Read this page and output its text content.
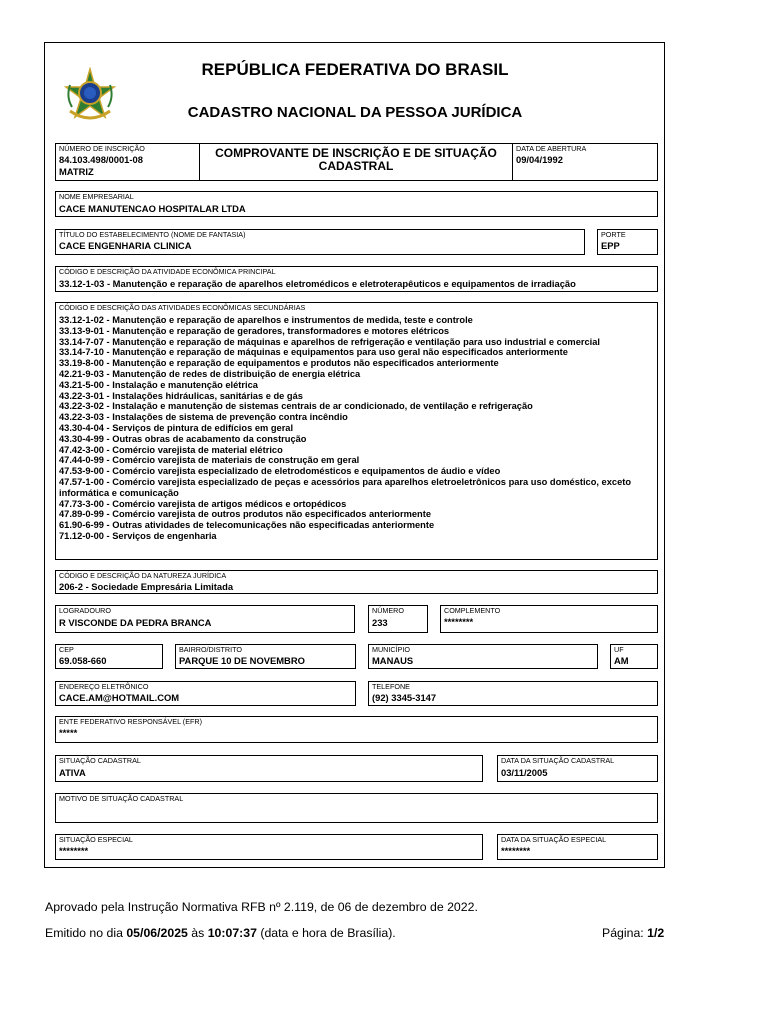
REPÚBLICA FEDERATIVA DO BRASIL
CADASTRO NACIONAL DA PESSOA JURÍDICA
NÚMERO DE INSCRIÇÃO
84.103.498/0001-08
MATRIZ
COMPROVANTE DE INSCRIÇÃO E DE SITUAÇÃO
CADASTRAL
DATA DE ABERTURA
09/04/1992
NOME EMPRESARIAL
CACE MANUTENCAO HOSPITALAR LTDA
TÍTULO DO ESTABELECIMENTO (NOME DE FANTASIA)
CACE ENGENHARIA CLINICA
PORTE
EPP
CÓDIGO E DESCRIÇÃO DA ATIVIDADE ECONÔMICA PRINCIPAL
33.12-1-03 - Manutenção e reparação de aparelhos eletromédicos e eletroterapêuticos e equipamentos de irradiação
CÓDIGO E DESCRIÇÃO DAS ATIVIDADES ECONÔMICAS SECUNDÁRIAS
33.12-1-02 - Manutenção e reparação de aparelhos e instrumentos de medida, teste e controle
33.13-9-01 - Manutenção e reparação de geradores, transformadores e motores elétricos
33.14-7-07 - Manutenção e reparação de máquinas e aparelhos de refrigeração e ventilação para uso industrial e comercial
33.14-7-10 - Manutenção e reparação de máquinas e equipamentos para uso geral não especificados anteriormente
33.19-8-00 - Manutenção e reparação de equipamentos e produtos não especificados anteriormente
42.21-9-03 - Manutenção de redes de distribuição de energia elétrica
43.21-5-00 - Instalação e manutenção elétrica
43.22-3-01 - Instalações hidráulicas, sanitárias e de gás
43.22-3-02 - Instalação e manutenção de sistemas centrais de ar condicionado, de ventilação e refrigeração
43.22-3-03 - Instalações de sistema de prevenção contra incêndio
43.30-4-04 - Serviços de pintura de edifícios em geral
43.30-4-99 - Outras obras de acabamento da construção
47.42-3-00 - Comércio varejista de material elétrico
47.44-0-99 - Comércio varejista de materiais de construção em geral
47.53-9-00 - Comércio varejista especializado de eletrodomésticos e equipamentos de áudio e vídeo
47.57-1-00 - Comércio varejista especializado de peças e acessórios para aparelhos eletroeletrônicos para uso doméstico, exceto informática e comunicação
47.73-3-00 - Comércio varejista de artigos médicos e ortopédicos
47.89-0-99 - Comércio varejista de outros produtos não especificados anteriormente
61.90-6-99 - Outras atividades de telecomunicações não especificadas anteriormente
71.12-0-00 - Serviços de engenharia
CÓDIGO E DESCRIÇÃO DA NATUREZA JURÍDICA
206-2 - Sociedade Empresária Limitada
LOGRADOURO
R VISCONDE DA PEDRA BRANCA
NÚMERO
233
COMPLEMENTO
********
CEP
69.058-660
BAIRRO/DISTRITO
PARQUE 10 DE NOVEMBRO
MUNICÍPIO
MANAUS
UF
AM
ENDEREÇO ELETRÔNICO
CACE.AM@HOTMAIL.COM
TELEFONE
(92) 3345-3147
ENTE FEDERATIVO RESPONSÁVEL (EFR)
*****
SITUAÇÃO CADASTRAL
ATIVA
DATA DA SITUAÇÃO CADASTRAL
03/11/2005
MOTIVO DE SITUAÇÃO CADASTRAL
SITUAÇÃO ESPECIAL
********
DATA DA SITUAÇÃO ESPECIAL
********
Aprovado pela Instrução Normativa RFB nº 2.119, de 06 de dezembro de 2022.
Emitido no dia 05/06/2025 às 10:07:37 (data e hora de Brasília).	Página: 1/2
